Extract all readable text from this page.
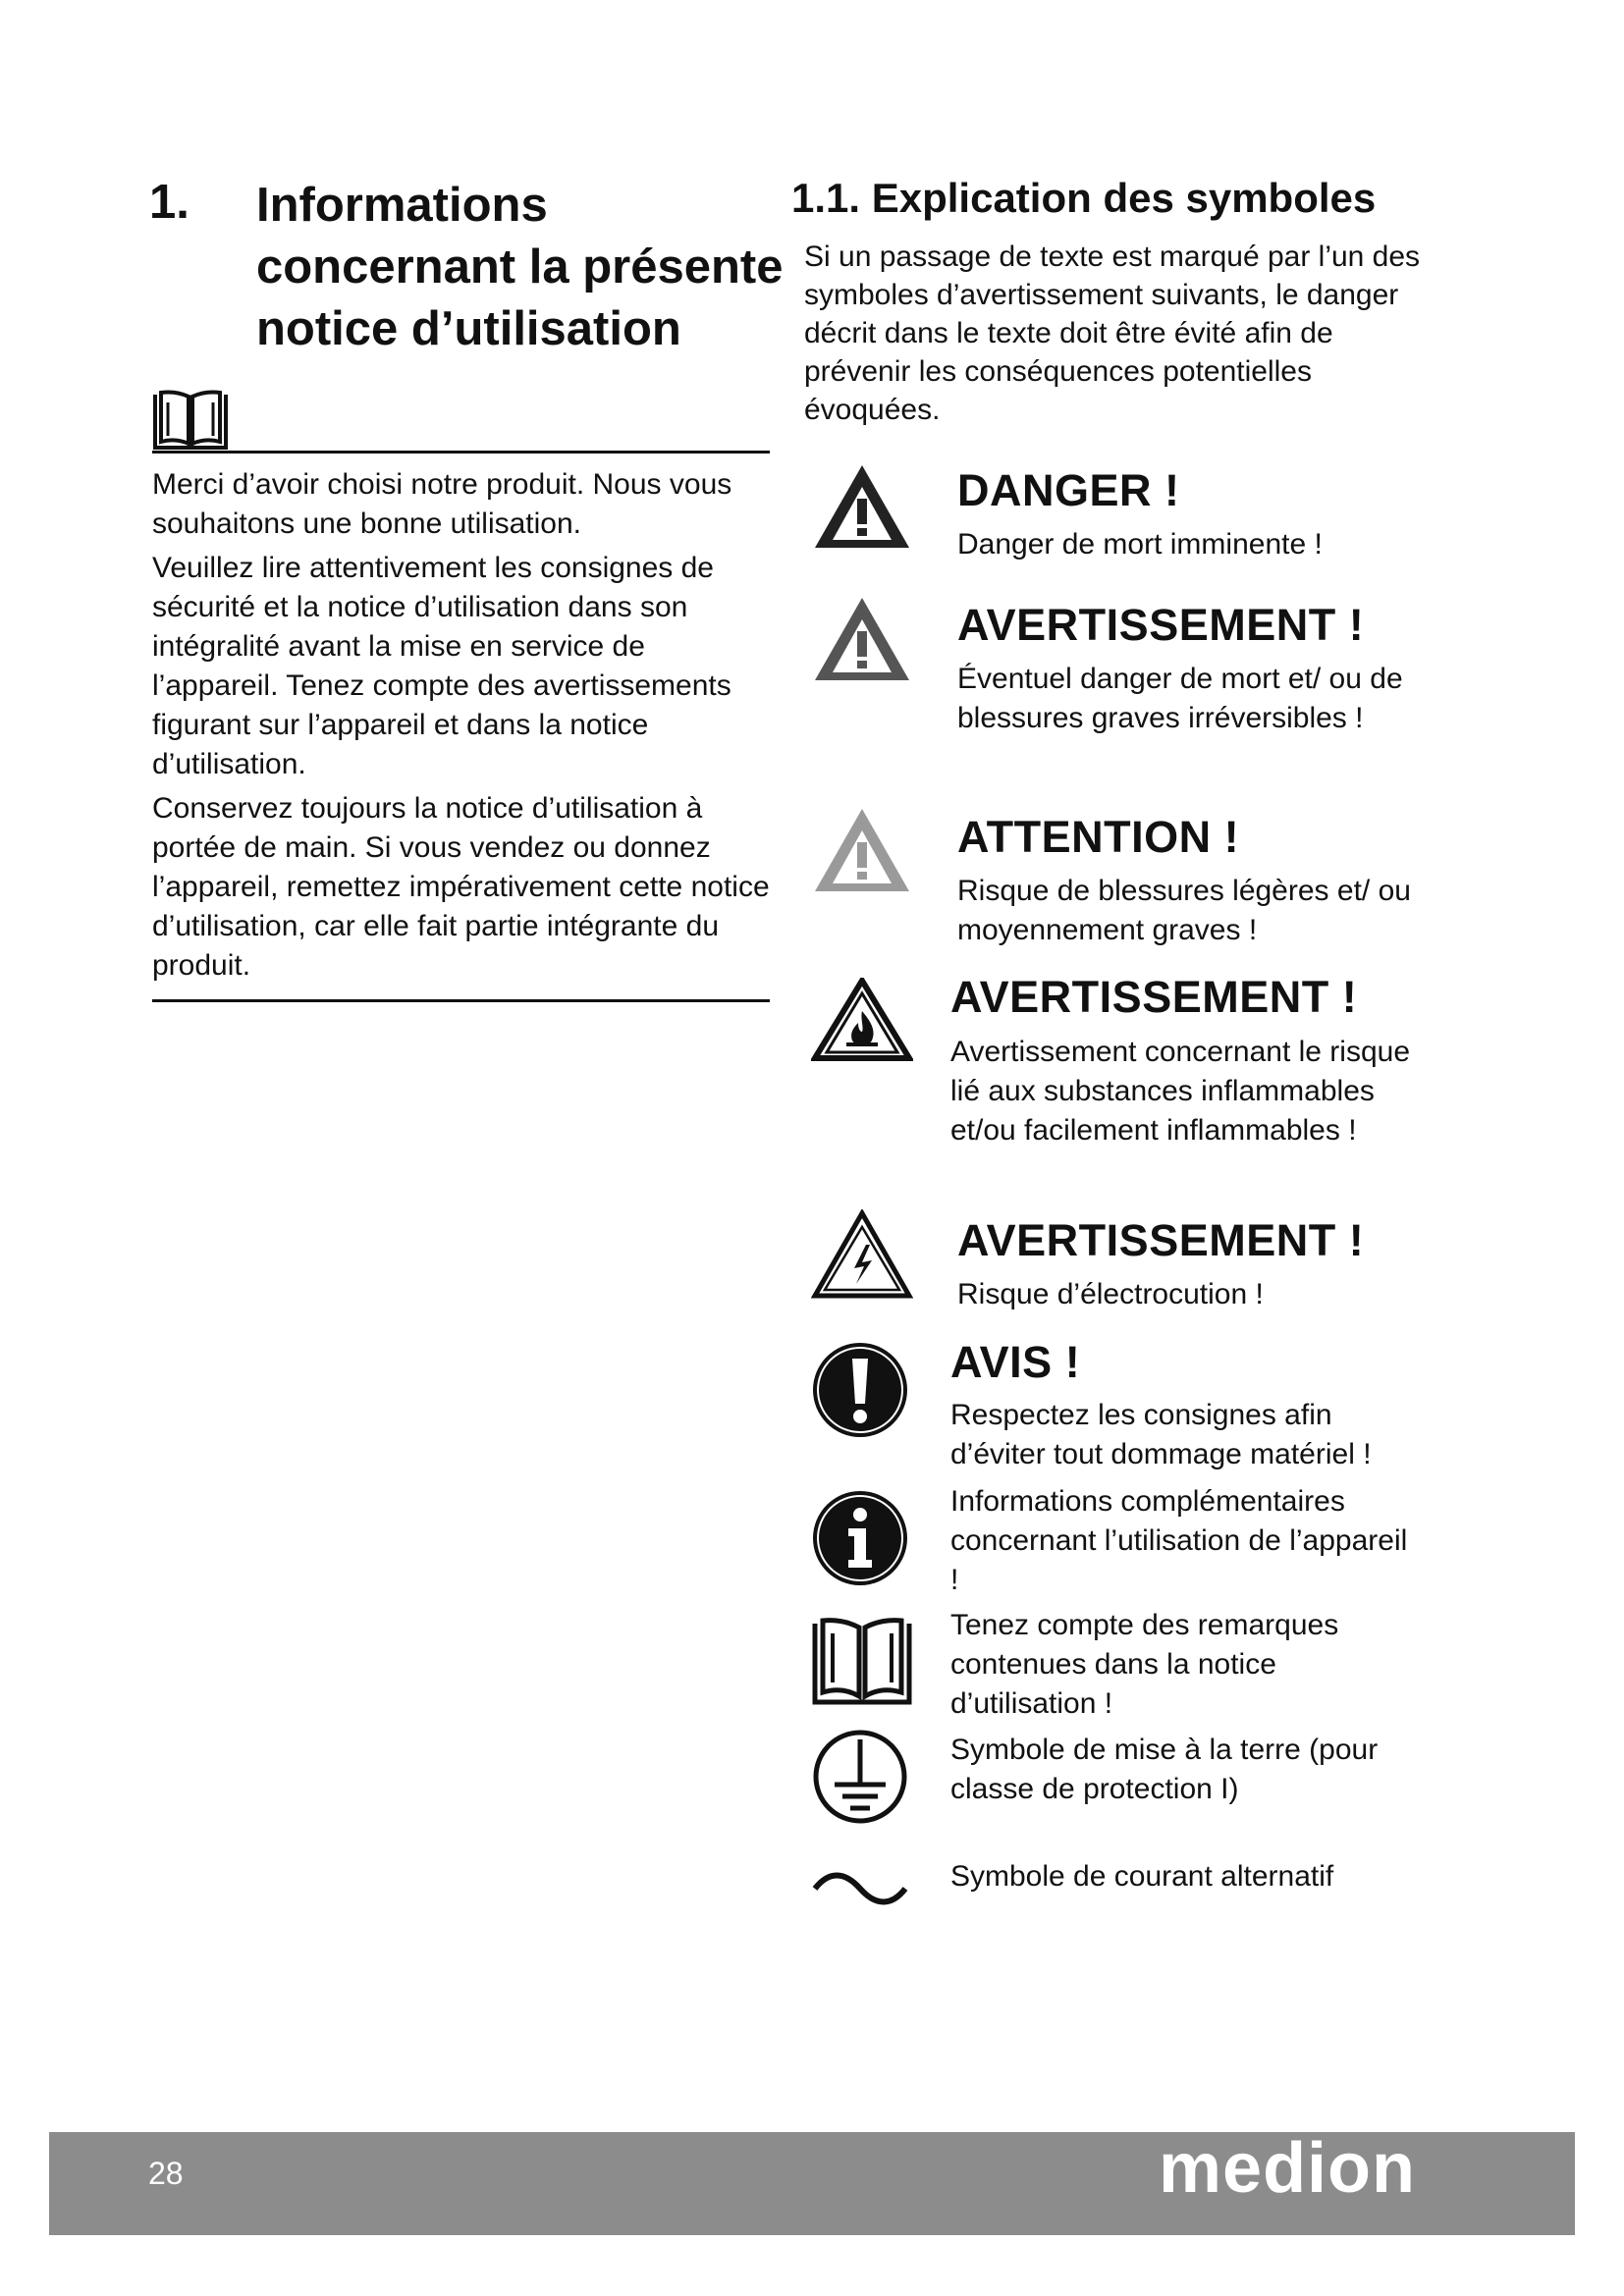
1. Informations concernant la présente notice d’utilisation

Merci d’avoir choisi notre produit. Nous vous souhaitons une bonne utilisation.

Veuillez lire attentivement les consignes de sécurité et la notice d’utilisation dans son intégralité avant la mise en service de l’appareil. Tenez compte des avertissements figurant sur l’appareil et dans la notice d’utilisation.

Conservez toujours la notice d’utilisation à portée de main. Si vous vendez ou donnez l’appareil, remettez impérativement cette notice d’utilisation, car elle fait partie intégrante du produit.

1.1. Explication des symboles
Si un passage de texte est marqué par l’un des symboles d’avertissement suivants, le danger décrit dans le texte doit être évité afin de prévenir les conséquences potentielles évoquées.
DANGER !
Danger de mort imminente !
AVERTISSEMENT !
Éventuel danger de mort et/ ou de blessures graves irréversibles !
ATTENTION !
Risque de blessures légères et/ ou moyennement graves !
AVERTISSEMENT !
Avertissement concernant le risque lié aux substances inflammables et/ou facilement inflammables !
AVERTISSEMENT !
Risque d’électrocution !
AVIS !
Respectez les consignes afin d’éviter tout dommage matériel !
Informations complémentaires concernant l’utilisation de l’appareil !
Tenez compte des remarques contenues dans la notice d’utilisation !
Symbole de mise à la terre (pour classe de protection I)
Symbole de courant alternatif
28	medion
